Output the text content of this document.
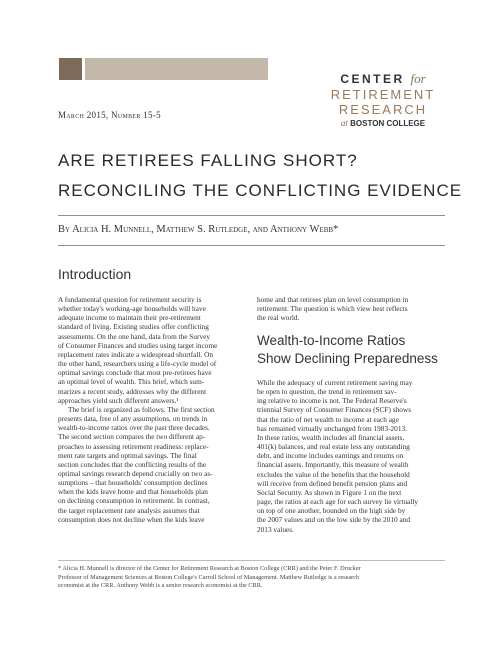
CENTER for
RETIREMENT
RESEARCH
at BOSTON COLLEGE
March 2015, Number 15-5
ARE RETIREES FALLING SHORT?
RECONCILING THE CONFLICTING EVIDENCE
By Alicia H. Munnell, Matthew S. Rutledge, and Anthony Webb*
Introduction

A fundamental question for retirement security is
whether today's working-age households will have
adequate income to maintain their pre-retirement
standard of living. Existing studies offer conflicting
assessments. On the one hand, data from the Survey
of Consumer Finances and studies using target income
replacement rates indicate a widespread shortfall. On
the other hand, researchers using a life-cycle model of
optimal savings conclude that most pre-retirees have
an optimal level of wealth. This brief, which sum-
marizes a recent study, addresses why the different
approaches yield such different answers.¹

The brief is organized as follows. The first section
presents data, free of any assumptions, on trends in
wealth-to-income ratios over the past three decades.
The second section compares the two different ap-
proaches to assessing retirement readiness: replace-
ment rate targets and optimal savings. The final
section concludes that the conflicting results of the
optimal savings research depend crucially on two as-
sumptions – that households' consumption declines
when the kids leave home and that households plan
on declining consumption in retirement. In contrast,
the target replacement rate analysis assumes that
consumption does not decline when the kids leave

home and that retirees plan on level consumption in
retirement. The question is which view best reflects
the real world.

Wealth-to-Income Ratios
Show Declining Preparedness

While the adequacy of current retirement saving may
be open to question, the trend in retirement sav-
ing relative to income is not. The Federal Reserve's
triennial Survey of Consumer Finances (SCF) shows
that the ratio of net wealth to income at each age
has remained virtually unchanged from 1983-2013.
In these ratios, wealth includes all financial assets,
401(k) balances, and real estate less any outstanding
debt, and income includes earnings and returns on
financial assets. Importantly, this measure of wealth
excludes the value of the benefits that the household
will receive from defined benefit pension plans and
Social Security. As shown in Figure 1 on the next
page, the ratios at each age for each survey lie virtually
on top of one another, bounded on the high side by
the 2007 values and on the low side by the 2010 and
2013 values.

* Alicia H. Munnell is director of the Center for Retirement Research at Boston College (CRR) and the Peter F. Drucker
Professor of Management Sciences at Boston College's Carroll School of Management. Matthew Rutledge is a research
economist at the CRR. Anthony Webb is a senior research economist at the CRR.
